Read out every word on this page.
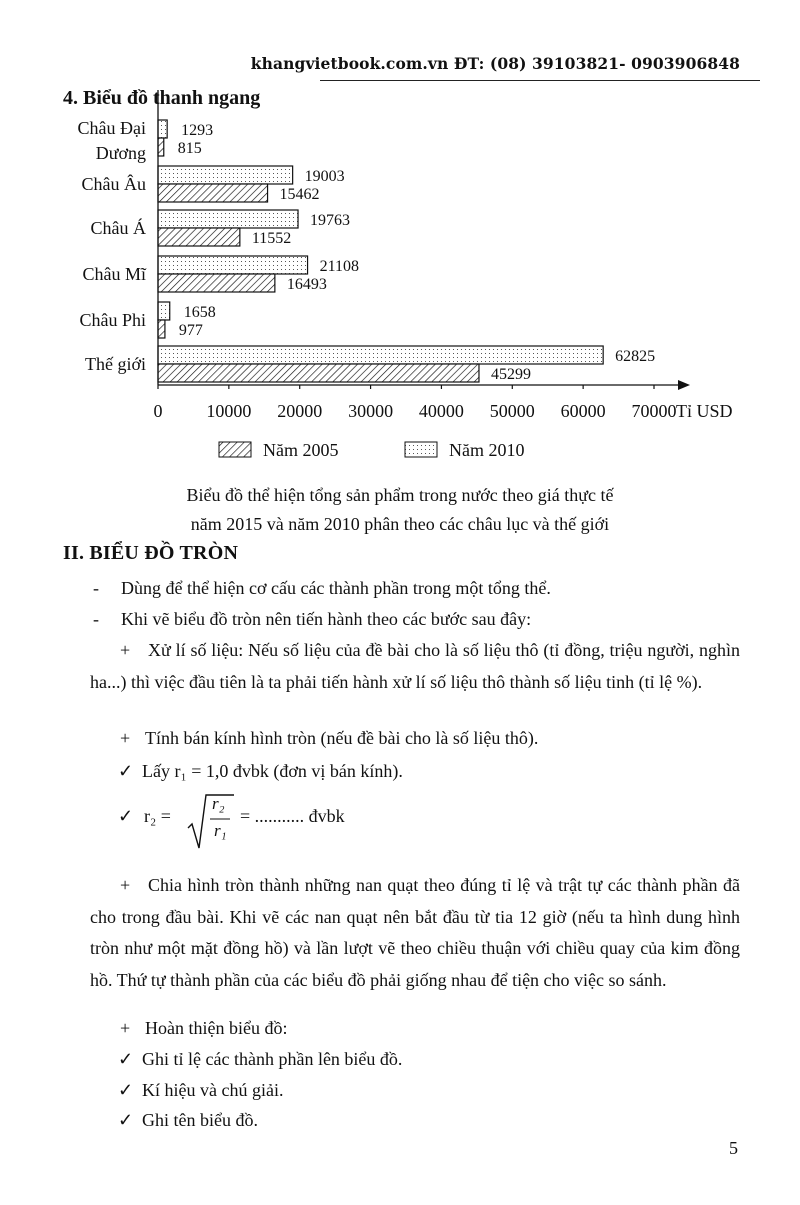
khangvietbook.com.vn ĐT: (08) 39103821- 0903906848
4. Biểu đồ thanh ngang
Châu Đại
Dương
Châu Âu
Châu Á
Châu Mĩ
Châu Phi
Thế giới
1293
815
19003
15462
19763
11552
21108
16493
1658
977
62825
45299
0 10000 20000 30000 40000 50000 60000 70000 Tỉ USD
Năm 2005	Năm 2010
Biểu đồ thể hiện tổng sản phẩm trong nước theo giá thực tế
năm 2015 và năm 2010 phân theo các châu lục và thế giới
II. BIỂU ĐỒ TRÒN
- Dùng để thể hiện cơ cấu các thành phần trong một tổng thể.
- Khi vẽ biểu đồ tròn nên tiến hành theo các bước sau đây:
+ Xử lí số liệu: Nếu số liệu của đề bài cho là số liệu thô (tỉ đồng, triệu người, nghìn ha...) thì việc đầu tiên là ta phải tiến hành xử lí số liệu thô thành số liệu tinh (tỉ lệ %).
+ Tính bán kính hình tròn (nếu đề bài cho là số liệu thô).
✓ Lấy r₁ = 1,0 đvbk (đơn vị bán kính).
✓ r₂ =
r₂
r₁
= ........... đvbk
+ Chia hình tròn thành những nan quạt theo đúng tỉ lệ và trật tự các thành phần đã cho trong đầu bài. Khi vẽ các nan quạt nên bắt đầu từ tia 12 giờ (nếu ta hình dung hình tròn như một mặt đồng hồ) và lần lượt vẽ theo chiều thuận với chiều quay của kim đồng hồ. Thứ tự thành phần của các biểu đồ phải giống nhau để tiện cho việc so sánh.
+ Hoàn thiện biểu đồ:
✓ Ghi tỉ lệ các thành phần lên biểu đồ.
✓ Kí hiệu và chú giải.
✓ Ghi tên biểu đồ.
5
